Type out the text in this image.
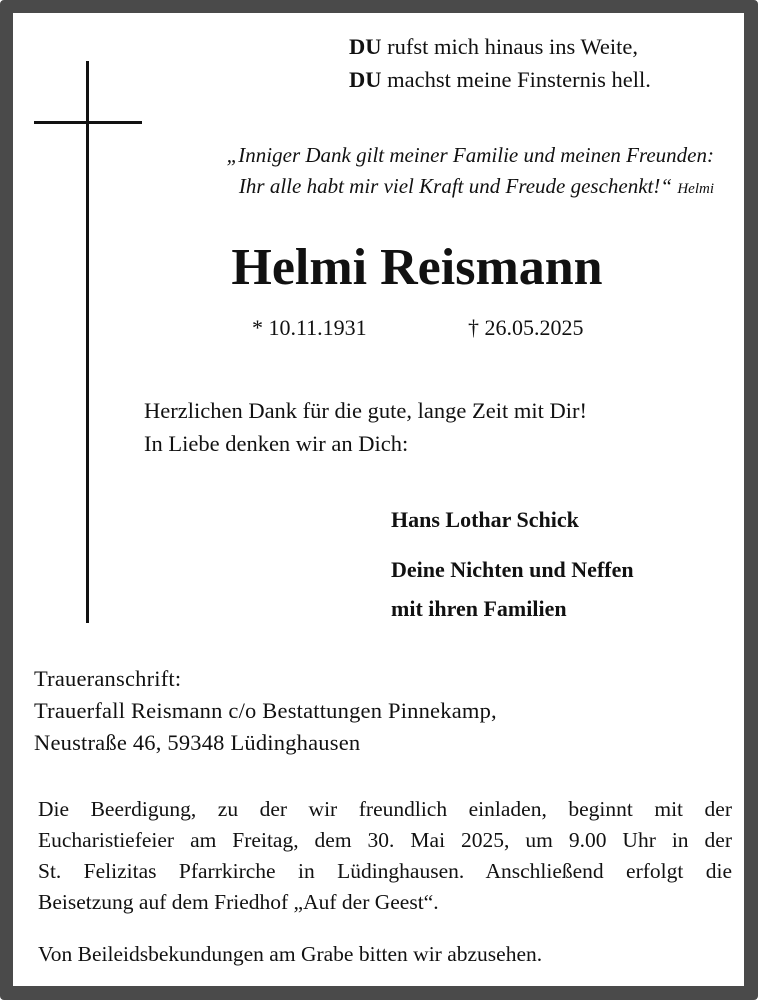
DU rufst mich hinaus ins Weite,
DU machst meine Finsternis hell.
„Inniger Dank gilt meiner Familie und meinen Freunden:
Ihr alle habt mir viel Kraft und Freude geschenkt!“ Helmi
Helmi Reismann
* 10.11.1931	† 26.05.2025
Herzlichen Dank für die gute, lange Zeit mit Dir!
In Liebe denken wir an Dich:
Hans Lothar Schick
Deine Nichten und Neffen
mit ihren Familien
Traueranschrift:
Trauerfall Reismann c/o Bestattungen Pinnekamp,
Neustraße 46, 59348 Lüdinghausen
Die Beerdigung, zu der wir freundlich einladen, beginnt mit der
Eucharistiefeier am Freitag, dem 30. Mai 2025, um 9.00 Uhr in der
St. Felizitas Pfarrkirche in Lüdinghausen. Anschließend erfolgt die
Beisetzung auf dem Friedhof „Auf der Geest“.
Von Beileidsbekundungen am Grabe bitten wir abzusehen.
